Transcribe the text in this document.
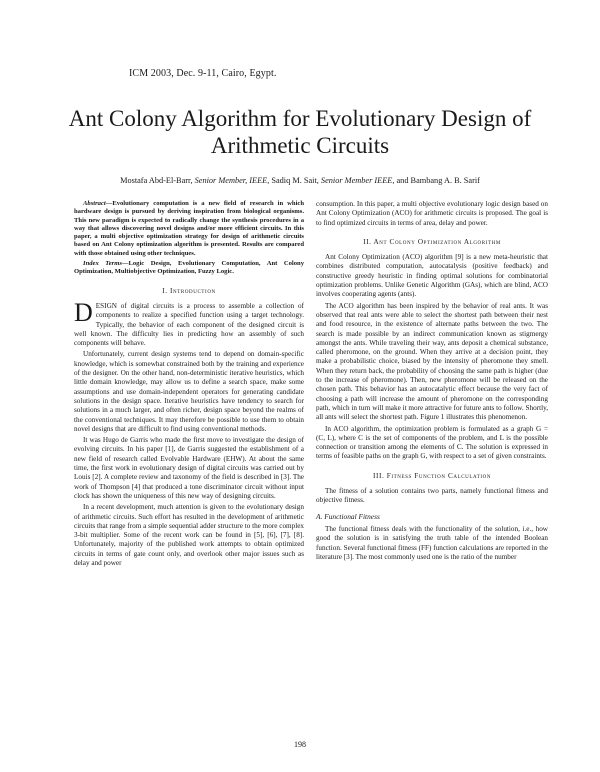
ICM 2003, Dec. 9-11, Cairo, Egypt.
Ant Colony Algorithm for Evolutionary Design of Arithmetic Circuits
Mostafa Abd-El-Barr, Senior Member, IEEE, Sadiq M. Sait, Senior Member IEEE, and Bambang A. B. Sarif

Abstract—Evolutionary computation is a new field of research in which hardware design is pursued by deriving inspiration from biological organisms. This new paradigm is expected to radically change the synthesis procedures in a way that allows discovering novel designs and/or more efficient circuits. In this paper, a multi objective optimization strategy for design of arithmetic circuits based on Ant Colony optimization algorithm is presented. Results are compared with those obtained using other techniques.

Index Terms—Logic Design, Evolutionary Computation, Ant Colony Optimization, Multiobjective Optimization, Fuzzy Logic.

I. Introduction

DESIGN of digital circuits is a process to assemble a collection of components to realize a specified function using a target technology. Typically, the behavior of each component of the designed circuit is well known. The difficulty lies in predicting how an assembly of such components will behave.

Unfortunately, current design systems tend to depend on domain-specific knowledge, which is somewhat constrained both by the training and experience of the designer. On the other hand, non-deterministic iterative heuristics, which little domain knowledge, may allow us to define a search space, make some assumptions and use domain-independent operators for generating candidate solutions in the design space. Iterative heuristics have tendency to search for solutions in a much larger, and often richer, design space beyond the realms of the conventional techniques. It may therefore be possible to use them to obtain novel designs that are difficult to find using conventional methods.

It was Hugo de Garris who made the first move to investigate the design of evolving circuits. In his paper [1], de Garris suggested the establishment of a new field of research called Evolvable Hardware (EHW). At about the same time, the first work in evolutionary design of digital circuits was carried out by Louis [2]. A complete review and taxonomy of the field is described in [3]. The work of Thompson [4] that produced a tone discriminator circuit without input clock has shown the uniqueness of this new way of designing circuits.

In a recent development, much attention is given to the evolutionary design of arithmetic circuits. Such effort has resulted in the development of arithmetic circuits that range from a simple sequential adder structure to the more complex 3-bit multiplier. Some of the recent work can be found in [5], [6], [7], [8]. Unfortunately, majority of the published work attempts to obtain optimized circuits in terms of gate count only, and overlook other major issues such as delay and power

consumption. In this paper, a multi objective evolutionary logic design based on Ant Colony Optimization (ACO) for arithmetic circuits is proposed. The goal is to find optimized circuits in terms of area, delay and power.

II. Ant Colony Optimization Algorithm

Ant Colony Optimization (ACO) algorithm [9] is a new meta-heuristic that combines distributed computation, autocatalysis (positive feedback) and constructive greedy heuristic in finding optimal solutions for combinatorial optimization problems. Unlike Genetic Algorithm (GAs), which are blind, ACO involves cooperating agents (ants).

The ACO algorithm has been inspired by the behavior of real ants. It was observed that real ants were able to select the shortest path between their nest and food resource, in the existence of alternate paths between the two. The search is made possible by an indirect communication known as stigmergy amongst the ants. While traveling their way, ants deposit a chemical substance, called pheromone, on the ground. When they arrive at a decision point, they make a probabilistic choice, biased by the intensity of pheromone they smell. When they return back, the probability of choosing the same path is higher (due to the increase of pheromone). Then, new pheromone will be released on the chosen path. This behavior has an autocatalytic effect because the very fact of choosing a path will increase the amount of pheromone on the corresponding path, which in turn will make it more attractive for future ants to follow. Shortly, all ants will select the shortest path. Figure 1 illustrates this phenomenon.

In ACO algorithm, the optimization problem is formulated as a graph G = (C, L), where C is the set of components of the problem, and L is the possible connection or transition among the elements of C. The solution is expressed in terms of feasible paths on the graph G, with respect to a set of given constraints.

III. Fitness Function Calculation

The fitness of a solution contains two parts, namely functional fitness and objective fitness.

A. Functional Fitness

The functional fitness deals with the functionality of the solution, i.e., how good the solution is in satisfying the truth table of the intended Boolean function. Several functional fitness (FF) function calculations are reported in the literature [3]. The most commonly used one is the ratio of the number

198
